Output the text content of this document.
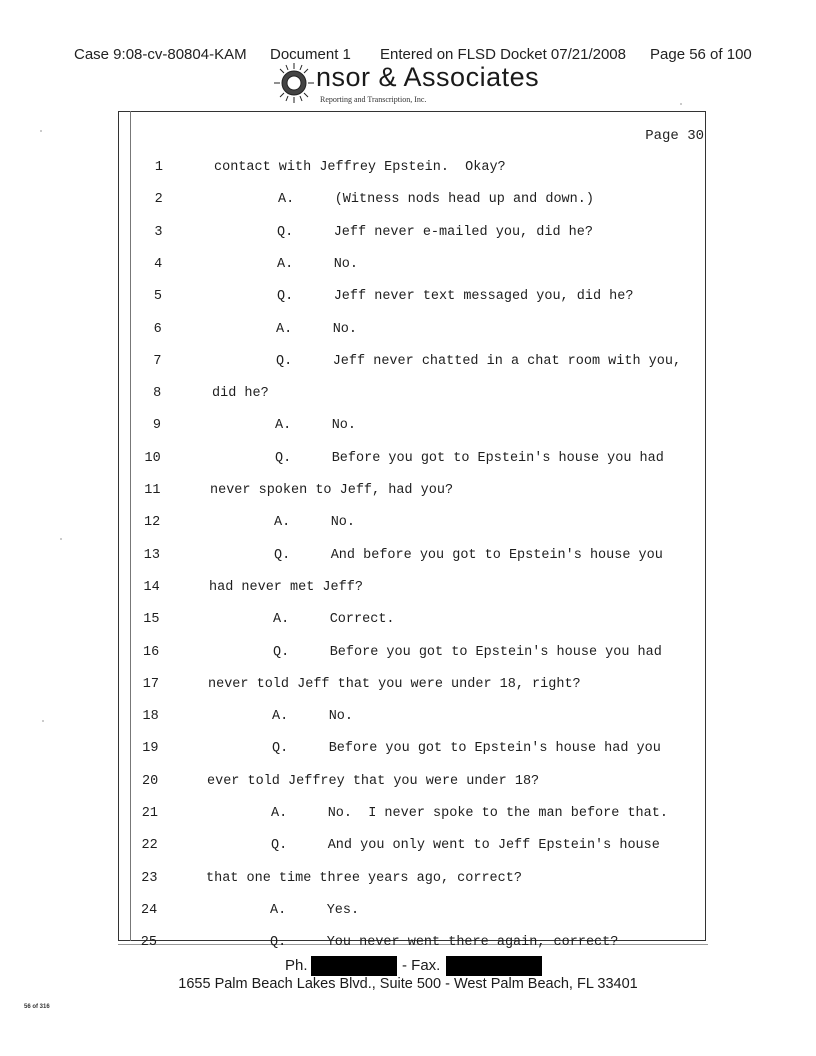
Case 9:08-cv-80804-KAM Document 1 Entered on FLSD Docket 07/21/2008 Page 56 of 100
nsor & Associates
Reporting and Transcription, Inc.
Page 30
1	contact with Jeffrey Epstein.  Okay?
2	A.     (Witness nods head up and down.)
3	Q.     Jeff never e-mailed you, did he?
4	A.     No.
5	Q.     Jeff never text messaged you, did he?
6	A.     No.
7	Q.     Jeff never chatted in a chat room with you,
8	did he?
9	A.     No.
10	Q.     Before you got to Epstein's house you had
11	never spoken to Jeff, had you?
12	A.     No.
13	Q.     And before you got to Epstein's house you
14	had never met Jeff?
15	A.     Correct.
16	Q.     Before you got to Epstein's house you had
17	never told Jeff that you were under 18, right?
18	A.     No.
19	Q.     Before you got to Epstein's house had you
20	ever told Jeffrey that you were under 18?
21	A.     No.  I never spoke to the man before that.
22	Q.     And you only went to Jeff Epstein's house
23	that one time three years ago, correct?
24	A.     Yes.
25	Q.     You never went there again, correct?
Ph.	- Fax.
1655 Palm Beach Lakes Blvd., Suite 500 - West Palm Beach, FL 33401
56 of 316
